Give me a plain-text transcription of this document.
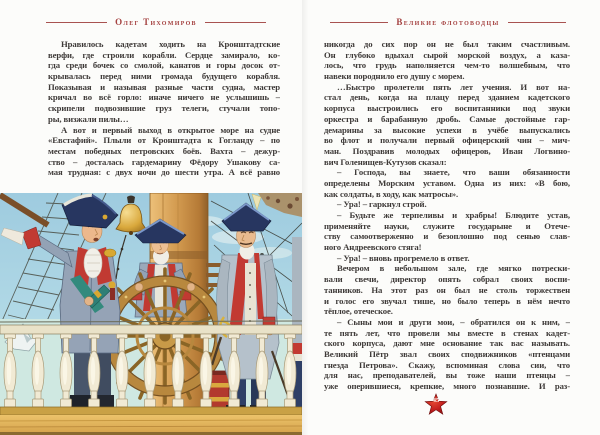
Олег Тихомиров
Нравилось кадетам ходить на Кронштадтские
верфи, где строили корабли. Сердце замирало, ко-
гда среди бочек со смолой, канатов и горы досок от-
крывалась перед ними громада будущего корабля.
Показывая и называя разные части судна, мастер
кричал во всё горло: иначе ничего не услышишь –
скрипели подвозившие груз телеги, стучали топо-
ры, визжали пилы…
А вот и первый выход в открытое море на судне
«Евстафий». Плыли от Кронштадта к Гогланду – по
местам победных петровских боёв. Вахта – дежур-
ство – досталась гардемарину Фёдору Ушакову са-
мая трудная: с двух ночи до шести утра. А всё равно
Великие флотоводцы
никогда до сих пор он не был таким счастливым.
Он глубоко вдыхал сырой морской воздух, а каза-
лось, что грудь наполняется чем-то волшебным, что
навеки породнило его душу с морем.
…Быстро пролетели пять лет учения. И вот на-
стал день, когда на плацу перед зданием кадетского
корпуса выстроились его воспитанники под звуки
оркестра и барабанную дробь. Самые достойные гар-
демарины за высокие успехи в учёбе выпускались
во флот и получали первый офицерский чин – мич-
ман. Поздравив молодых офицеров, Иван Логвино-
вич Голенищев-Кутузов сказал:
– Господа, вы знаете, что ваши обязанности
определены Морским уставом. Одна из них: «В бою,
как солдаты, в ходу, как матросы».
– Ура! – гаркнул строй.
– Будьте же терпеливы и храбры! Блюдите устав,
применяйте науки, служите государыне и Отече-
ству самоотверженно и безоплошно под сенью слав-
ного Андреевского стяга!
– Ура! – вновь прогремело в ответ.
Вечером в небольшом зале, где мягко потрески-
вали свечи, директор опять собрал своих воспи-
танников. На этот раз он был не столь торжествен
и голос его звучал тише, но было теперь в нём нечто
тёплое, отеческое.
– Сыны мои и други мои, – обратился он к ним, –
те пять лет, что провели мы вместе в стенах кадет-
ского корпуса, дают мне основание так вас называть.
Великий Пётр звал своих сподвижников «птенцами
гнезда Петрова». Скажу, вспоминая слова сии, что
для нас, преподавателей, вы тоже наши птенцы –
уже оперившиеся, крепкие, много познавшие. И раз-
45
